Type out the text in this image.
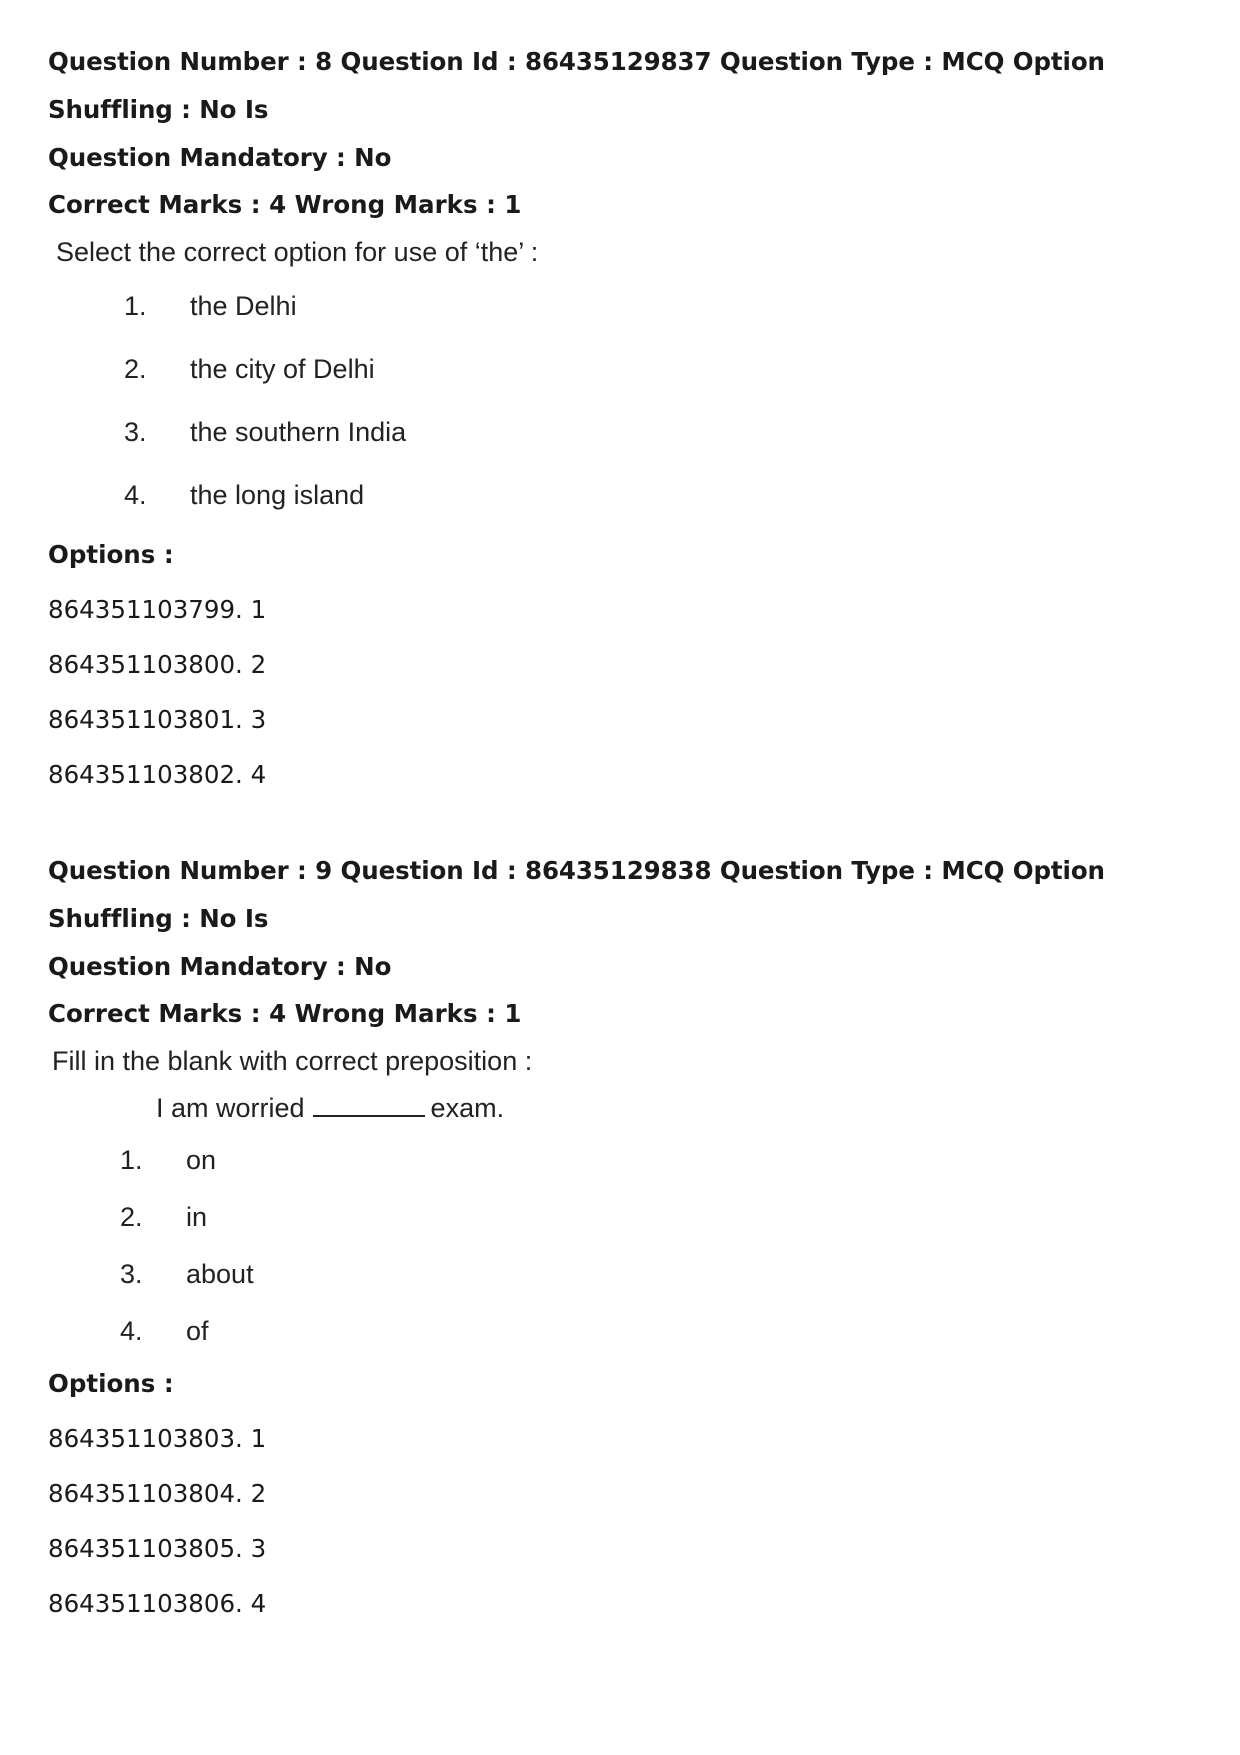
Question Number : 8 Question Id : 86435129837 Question Type : MCQ Option Shuffling : No Is
Question Mandatory : No

Correct Marks : 4 Wrong Marks : 1

Select the correct option for use of ‘the’ :

1.	the Delhi
2.	the city of Delhi
3.	the southern India
4.	the long island

Options :

864351103799. 1

864351103800. 2

864351103801. 3

864351103802. 4

Question Number : 9 Question Id : 86435129838 Question Type : MCQ Option Shuffling : No Is
Question Mandatory : No

Correct Marks : 4 Wrong Marks : 1

Fill in the blank with correct preposition :

I am worried	exam.
1.	on
2.	in
3.	about
4.	of

Options :

864351103803. 1

864351103804. 2

864351103805. 3

864351103806. 4
